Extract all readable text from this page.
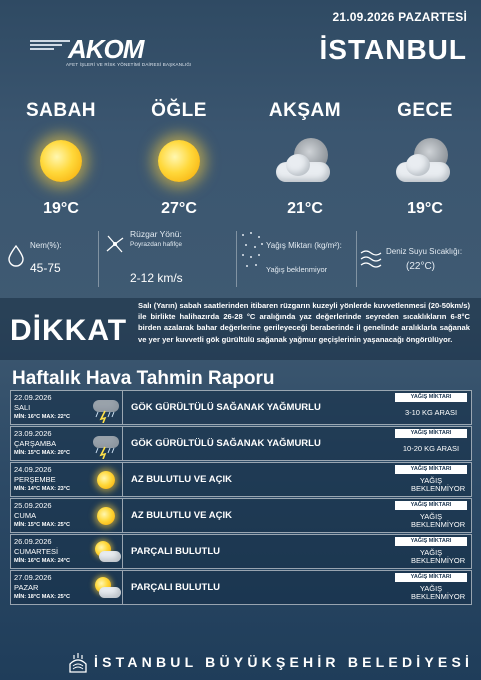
21.09.2026 PAZARTESİ
İSTANBUL
AKOM
AFET İŞLERİ VE RİSK YÖNETİMİ DAİRESİ BAŞKANLIĞI
SABAH
19°C
ÖĞLE
27°C
AKŞAM
21°C
GECE
19°C
Nem(%):
45-75
Rüzgar Yönü:
Poyrazdan hafifçe
2-12 km/s
Yağış Miktarı (kg/m²):
Yağış beklenmiyor
Deniz Suyu Sıcaklığı:
(22°C)
DİKKAT
Salı (Yarın) sabah saatlerinden itibaren rüzgarın kuzeyli yönlerde kuvvetlenmesi (20-50km/s) ile birlikte halihazırda 26-28 °C aralığında yaz değerlerinde seyreden sıcaklıkların 6-8°C birden azalarak bahar değerlerine gerileyeceği beraberinde il genelinde aralıklarla sağanak ve yer yer kuvvetli gök gürültülü sağanak yağmur geçişlerinin yaşanacağı öngörülüyor.
Haftalık Hava Tahmin Raporu
22.09.2026
SALI
MİN: 16°C MAX: 22°C
GÖK GÜRÜLTÜLÜ SAĞANAK YAĞMURLU
YAĞIŞ MİKTARI
3-10 KG ARASI
23.09.2026
ÇARŞAMBA
MİN: 15°C MAX: 20°C
GÖK GÜRÜLTÜLÜ SAĞANAK YAĞMURLU
YAĞIŞ MİKTARI
10-20 KG ARASI
24.09.2026
PERŞEMBE
MİN: 14°C MAX: 23°C
AZ BULUTLU VE AÇIK
YAĞIŞ MİKTARI
YAĞIŞ BEKLENMİYOR
25.09.2026
CUMA
MİN: 15°C MAX: 25°C
AZ BULUTLU VE AÇIK
YAĞIŞ MİKTARI
YAĞIŞ BEKLENMİYOR
26.09.2026
CUMARTESİ
MİN: 16°C MAX: 24°C
PARÇALI BULUTLU
YAĞIŞ MİKTARI
YAĞIŞ BEKLENMİYOR
27.09.2026
PAZAR
MİN: 18°C MAX: 25°C
PARÇALI BULUTLU
YAĞIŞ MİKTARI
YAĞIŞ BEKLENMİYOR
İSTANBUL BÜYÜKŞEHİR BELEDİYESİ
